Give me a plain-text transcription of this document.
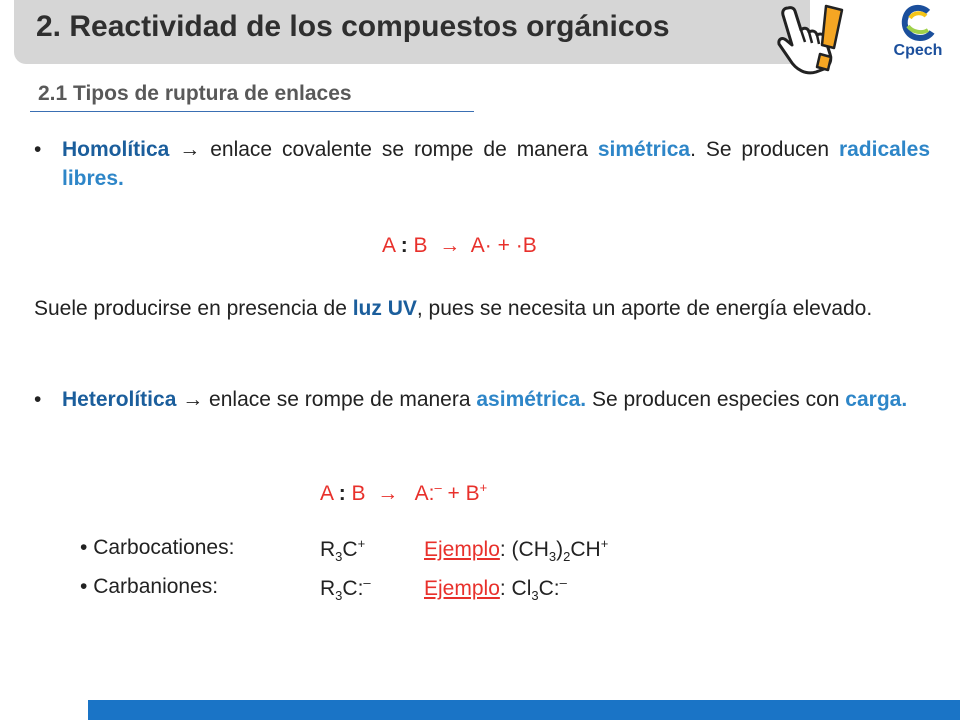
2. Reactividad de los compuestos orgánicos
Cpech
2.1 Tipos de ruptura de enlaces
• Homolítica → enlace covalente se rompe de manera simétrica. Se producen radicales libres.
A : B → A· + ·B
Suele producirse en presencia de luz UV, pues se necesita un aporte de energía elevado.
• Heterolítica → enlace se rompe de manera asimétrica. Se producen especies con carga.
A : B → A:– + B+
• Carbocationes:	$R_3C^+$	Ejemplo: $(CH_3)_2CH^+$
• Carbaniones:	$R_3C:^-$	Ejemplo: $Cl_3C:^-$
